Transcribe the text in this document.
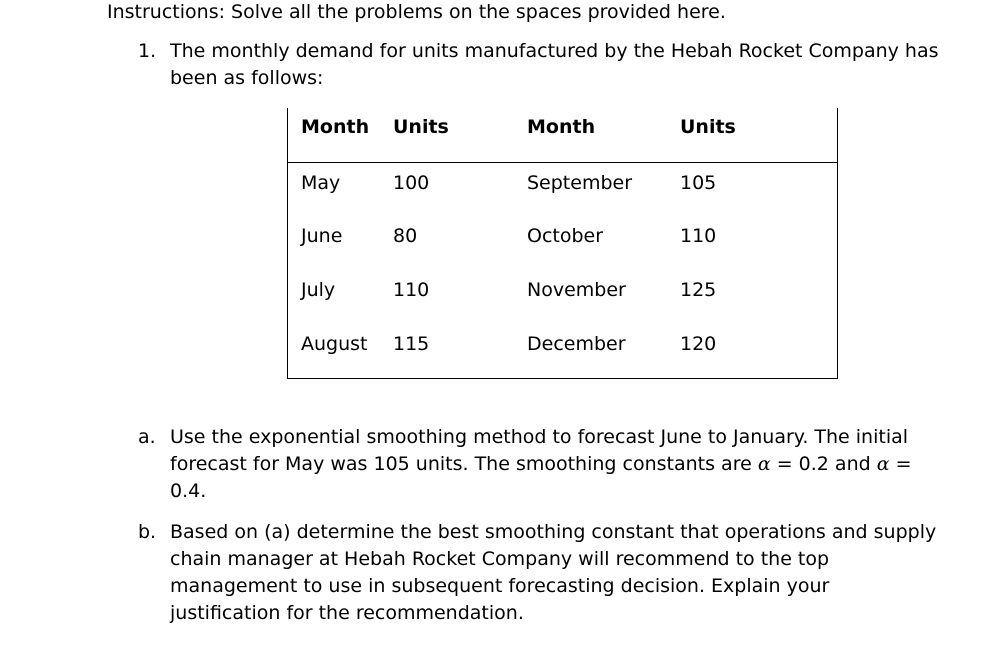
Instructions: Solve all the problems on the spaces provided here.
1. The monthly demand for units manufactured by the Hebah Rocket Company has been as follows:
Month Units	Month	Units
May	100	September	105
June	80	October	110
July	110	November	125
August 115	December	120
a. Use the exponential smoothing method to forecast June to January. The initial forecast for May was 105 units. The smoothing constants are α = 0.2 and α = 0.4.
b. Based on (a) determine the best smoothing constant that operations and supply chain manager at Hebah Rocket Company will recommend to the top management to use in subsequent forecasting decision. Explain your justification for the recommendation.
